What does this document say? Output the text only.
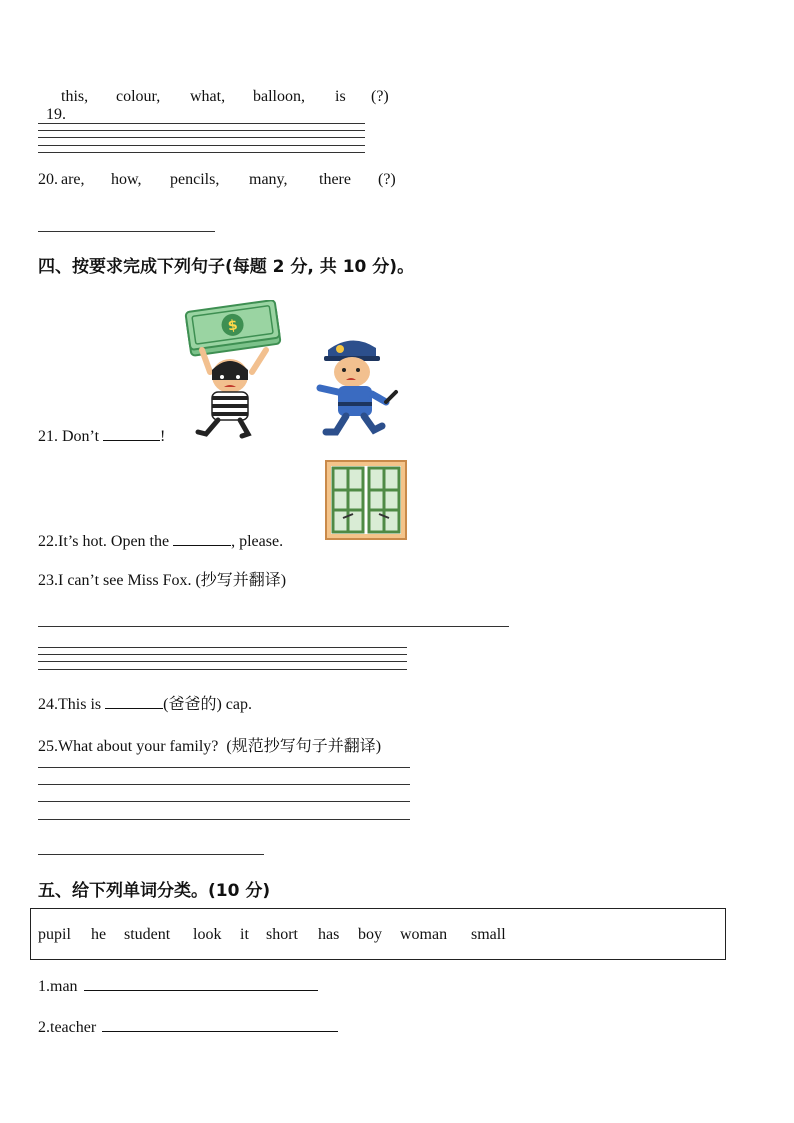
19.

this, colour, what, balloon, is (?)
20. are, how, pencils, many, there (?)
四、按要求完成下列句子(每题 2 分, 共 10 分)。
$
21. Don’t	!
22.It’s hot. Open the	, please.
23.I can’t see Miss Fox. (抄写并翻译)
24.This is	(爸爸的) cap.
25.What about your family?  (规范抄写句子并翻译)
五、给下列单词分类。(10 分)
pupil he student look it short has boy woman small
1.man
2.teacher
